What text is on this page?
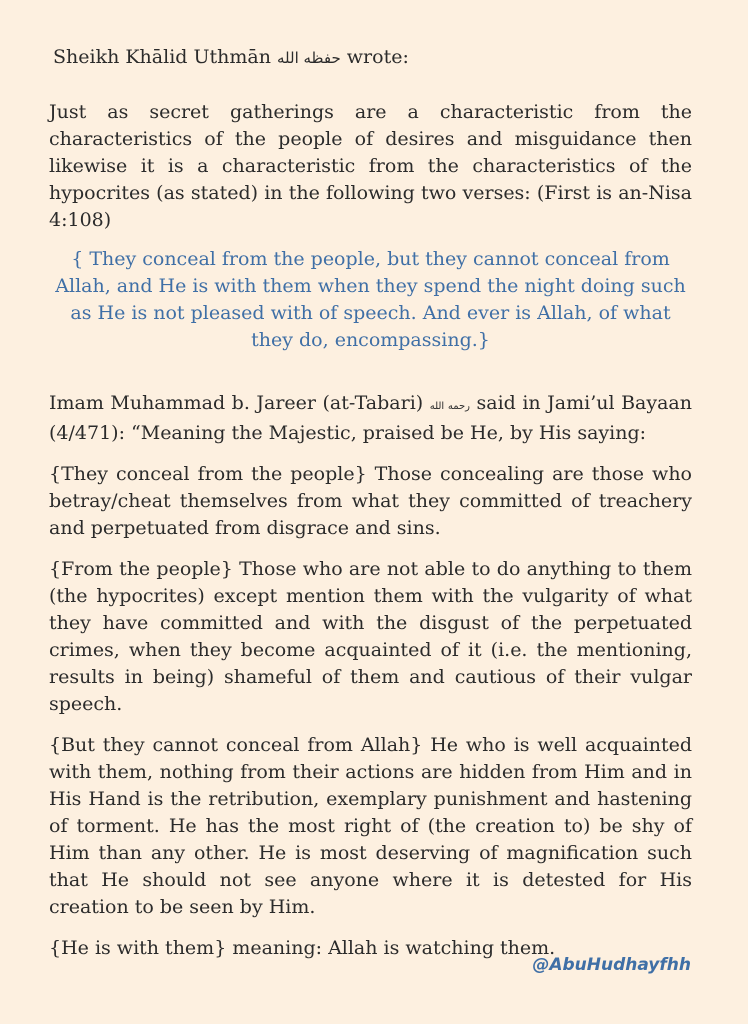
Sheikh Khālid Uthmān حفظه الله wrote:

Just as secret gatherings are a characteristic from the characteristics of the people of desires and misguidance then likewise it is a characteristic from the characteristics of the hypocrites (as stated) in the following two verses: (First is an-Nisa 4:108)

{ They conceal from the people, but they cannot conceal from Allah, and He is with them when they spend the night doing such as He is not pleased with of speech. And ever is Allah, of what they do, encompassing.}

Imam Muhammad b. Jareer (at-Tabari) رحمه الله said in Jami’ul Bayaan (4/471): “Meaning the Majestic, praised be He, by His saying:

{They conceal from the people} Those concealing are those who betray/cheat themselves from what they committed of treachery and perpetuated from disgrace and sins.

{From the people} Those who are not able to do anything to them (the hypocrites) except mention them with the vulgarity of what they have committed and with the disgust of the perpetuated crimes, when they become acquainted of it (i.e. the mentioning, results in being) shameful of them and cautious of their vulgar speech.

{But they cannot conceal from Allah} He who is well acquainted with them, nothing from their actions are hidden from Him and in His Hand is the retribution, exemplary punishment and hastening of torment. He has the most right of (the creation to) be shy of Him than any other. He is most deserving of magnification such that He should not see anyone where it is detested for His creation to be seen by Him.

{He is with them} meaning: Allah is watching them.

@AbuHudhayfhh
